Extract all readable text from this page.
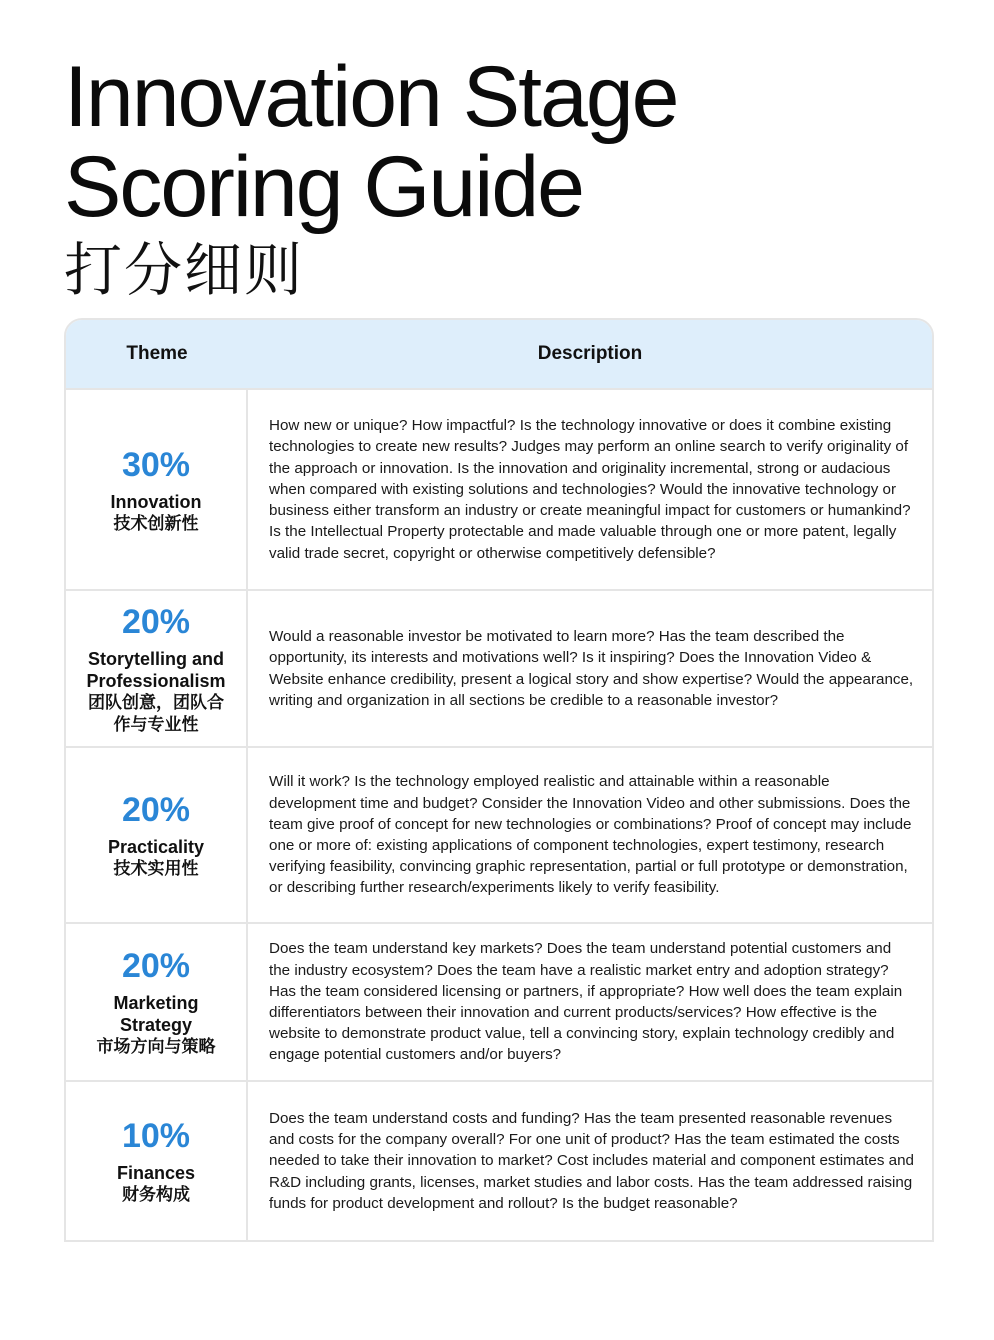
Innovation Stage
Scoring Guide
打分细则
Theme	Description
30%
Innovation
技术创新性
How new or unique? How impactful? Is the technology innovative or does it combine existing technologies to create new results? Judges may perform an online search to verify originality of the approach or innovation. Is the innovation and originality incremental, strong or audacious when compared with existing solutions and technologies? Would the innovative technology or business either transform an industry or create meaningful impact for customers or humankind? Is the Intellectual Property protectable and made valuable through one or more patent, legally valid trade secret, copyright or otherwise competitively defensible?
20%
Storytelling and Professionalism
团队创意，团队合作与专业性
Would a reasonable investor be motivated to learn more? Has the team described the opportunity, its interests and motivations well? Is it inspiring? Does the Innovation Video & Website enhance credibility, present a logical story and show expertise? Would the appearance, writing and organization in all sections be credible to a reasonable investor?
20%
Practicality
技术实用性
Will it work? Is the technology employed realistic and attainable within a reasonable development time and budget? Consider the Innovation Video and other submissions. Does the team give proof of concept for new technologies or combinations? Proof of concept may include one or more of: existing applications of component technologies, expert testimony, research verifying feasibility, convincing graphic representation, partial or full prototype or demonstration, or describing further research/experiments likely to verify feasibility.
20%
Marketing Strategy
市场方向与策略
Does the team understand key markets? Does the team understand potential customers and the industry ecosystem? Does the team have a realistic market entry and adoption strategy? Has the team considered licensing or partners, if appropriate? How well does the team explain differentiators between their innovation and current products/services? How effective is the website to demonstrate product value, tell a convincing story, explain technology credibly and engage potential customers and/or buyers?
10%
Finances
财务构成
Does the team understand costs and funding? Has the team presented reasonable revenues and costs for the company overall? For one unit of product? Has the team estimated the costs needed to take their innovation to market? Cost includes material and component estimates and R&D including grants, licenses, market studies and labor costs. Has the team addressed raising funds for product development and rollout? Is the budget reasonable?
